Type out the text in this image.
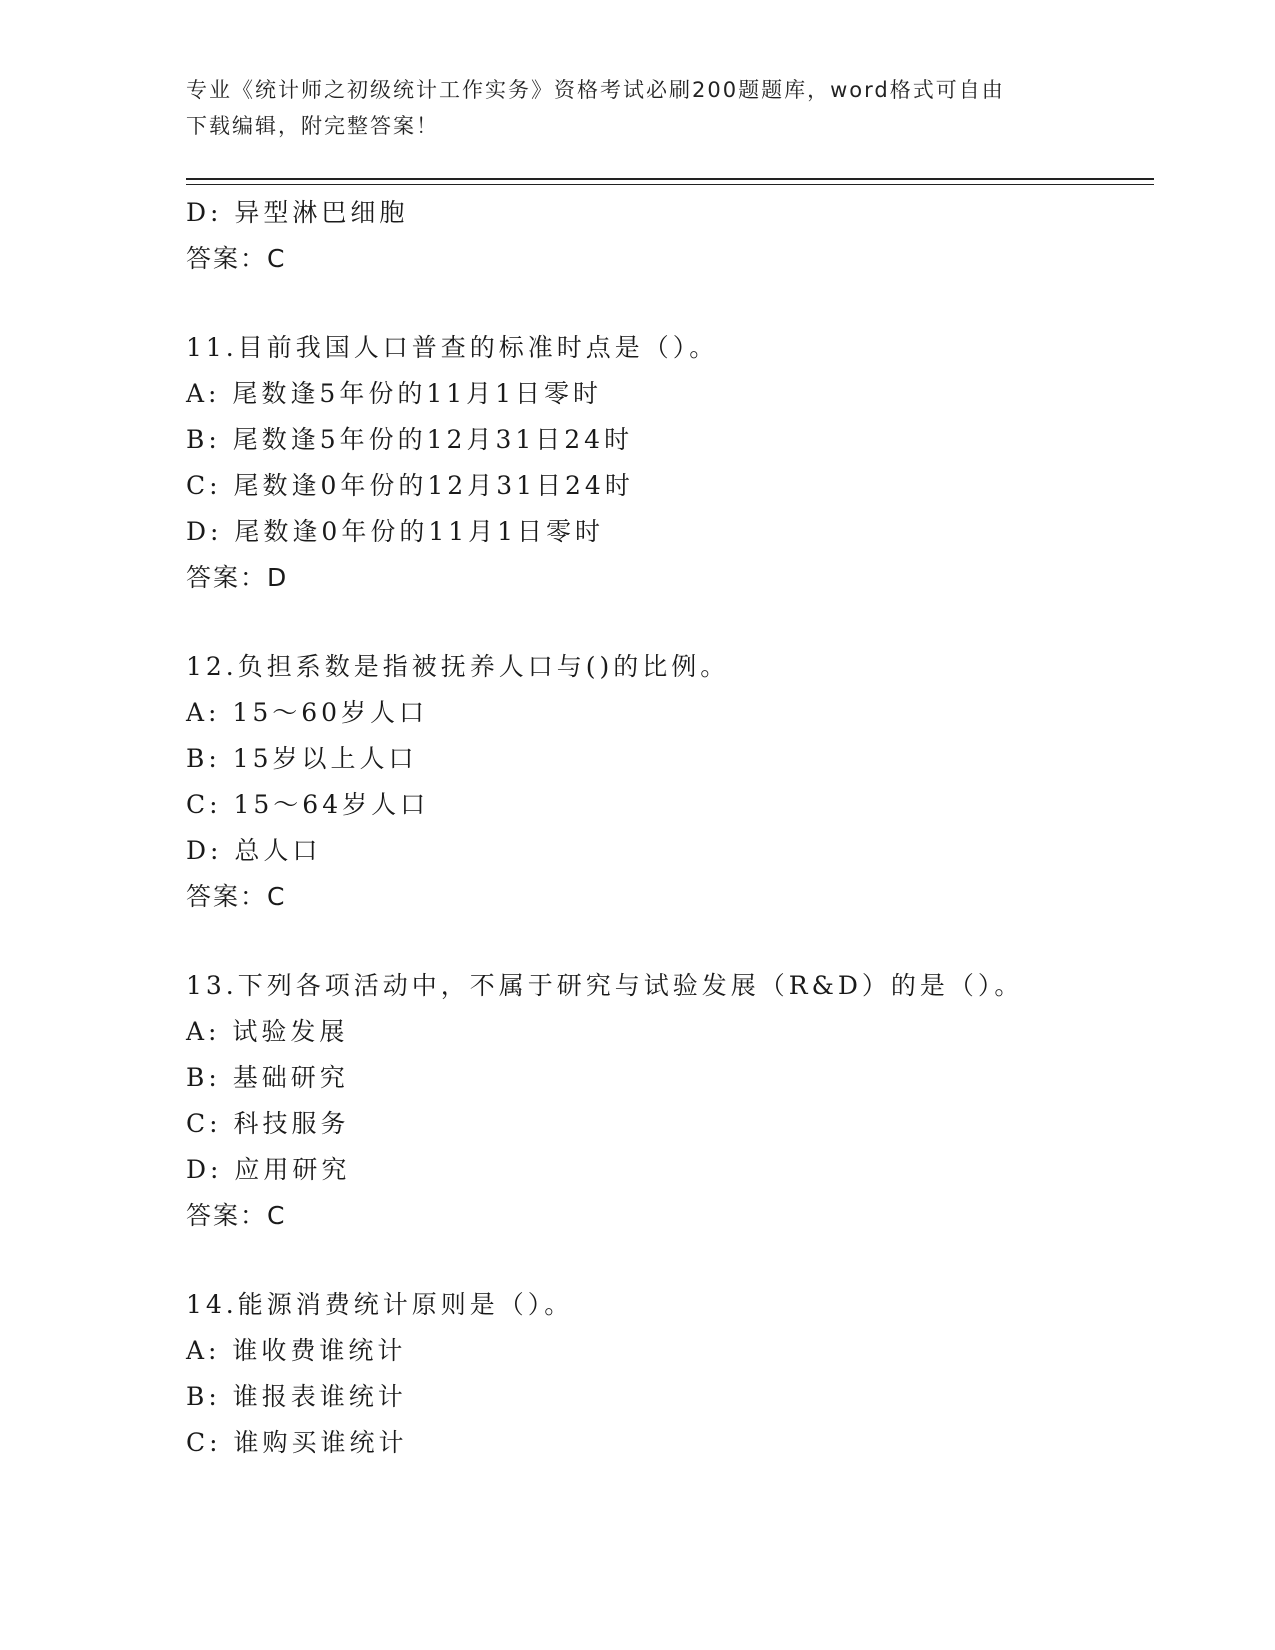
专业《统计师之初级统计工作实务》资格考试必刷200题题库，word格式可自由
下载编辑，附完整答案！
D: 异型淋巴细胞
答案：C
11.目前我国人口普查的标准时点是（）。
A: 尾数逢5年份的11月1日零时
B: 尾数逢5年份的12月31日24时
C: 尾数逢0年份的12月31日24时
D: 尾数逢0年份的11月1日零时
答案：D
12.负担系数是指被抚养人口与()的比例。
A: 15～60岁人口
B: 15岁以上人口
C: 15～64岁人口
D: 总人口
答案：C
13.下列各项活动中，不属于研究与试验发展（R&D）的是（）。
A: 试验发展
B: 基础研究
C: 科技服务
D: 应用研究
答案：C
14.能源消费统计原则是（）。
A: 谁收费谁统计
B: 谁报表谁统计
C: 谁购买谁统计
